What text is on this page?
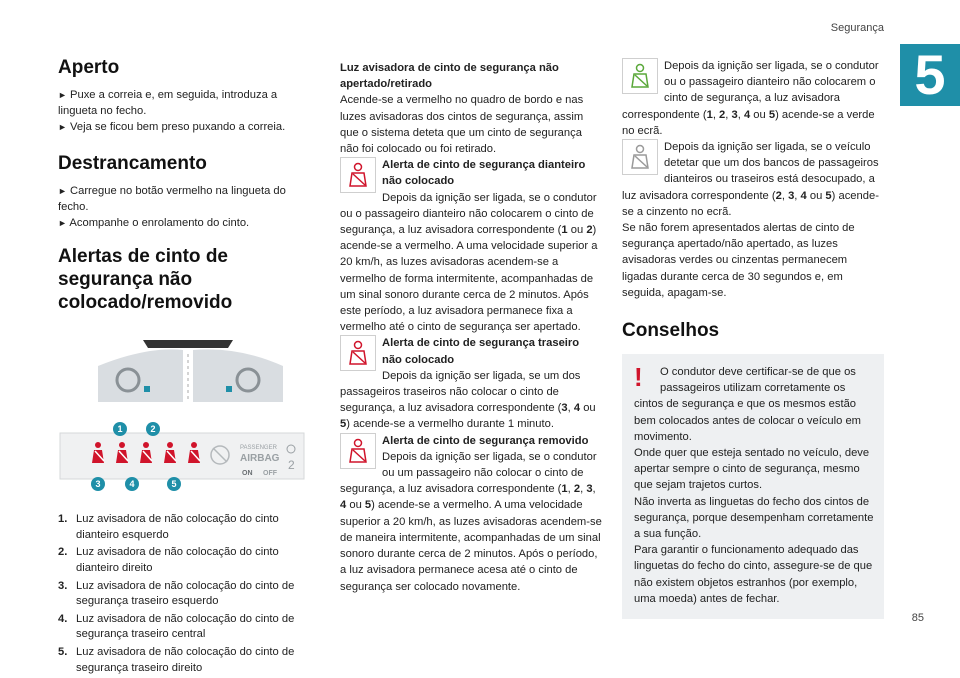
Segurança
5
85
Aperto

► Puxe a correia e, em seguida, introduza a lingueta no fecho.

► Veja se ficou bem preso puxando a correia.

Destrancamento

► Carregue no botão vermelho na lingueta do fecho.

► Acompanhe o enrolamento do cinto.

Alertas de cinto de segurança não colocado/removido

PASSENGER
AIRBAG
ON OFF
2
1	2
3	4	5
1. Luz avisadora de não colocação do cinto dianteiro esquerdo
2. Luz avisadora de não colocação do cinto dianteiro direito
3. Luz avisadora de não colocação do cinto de segurança traseiro esquerdo
4. Luz avisadora de não colocação do cinto de segurança traseiro central
5. Luz avisadora de não colocação do cinto de segurança traseiro direito

Luz avisadora de cinto de segurança não apertado/retirado

Acende-se a vermelho no quadro de bordo e nas luzes avisadoras dos cintos de segurança, assim que o sistema deteta que um cinto de segurança não foi colocado ou foi retirado.

Alerta de cinto de segurança dianteiro não colocado

Depois da ignição ser ligada, se o condutor ou o passageiro dianteiro não colocarem o cinto de segurança, a luz avisadora correspondente (1 ou 2) acende-se a vermelho. A uma velocidade superior a 20 km/h, as luzes avisadoras acendem-se a vermelho de forma intermitente, acompanhadas de um sinal sonoro durante cerca de 2 minutos. Após este período, a luz avisadora permanece fixa a vermelho até o cinto de segurança ser apertado.

Alerta de cinto de segurança traseiro não colocado

Depois da ignição ser ligada, se um dos passageiros traseiros não colocar o cinto de segurança, a luz avisadora correspondente (3, 4 ou 5) acende-se a vermelho durante 1 minuto.

Alerta de cinto de segurança removido

Depois da ignição ser ligada, se o condutor ou um passageiro não colocar o cinto de segurança, a luz avisadora correspondente (1, 2, 3, 4 ou 5) acende-se a vermelho. A uma velocidade superior a 20 km/h, as luzes avisadoras acendem-se de maneira intermitente, acompanhadas de um sinal sonoro durante cerca de 2 minutos. Após o período, a luz avisadora permanece acesa até o cinto de segurança ser colocado novamente.

Depois da ignição ser ligada, se o condutor ou o passageiro dianteiro não colocarem o cinto de segurança, a luz avisadora correspondente (1, 2, 3, 4 ou 5) acende-se a verde no ecrã.

Depois da ignição ser ligada, se o veículo detetar que um dos bancos de passageiros dianteiros ou traseiros está desocupado, a luz avisadora correspondente (2, 3, 4 ou 5) acende-se a cinzento no ecrã.

Se não forem apresentados alertas de cinto de segurança apertado/não apertado, as luzes avisadoras verdes ou cinzentas permanecem ligadas durante cerca de 30 segundos e, em seguida, apagam-se.

Conselhos
!	O condutor deve certificar-se de que os passageiros utilizam corretamente os cintos de segurança e que os mesmos estão bem colocados antes de colocar o veículo em movimento.

Onde quer que esteja sentado no veículo, deve apertar sempre o cinto de segurança, mesmo que sejam trajetos curtos.

Não inverta as linguetas do fecho dos cintos de segurança, porque desempenham corretamente a sua função.

Para garantir o funcionamento adequado das linguetas do fecho do cinto, assegure-se de que não existem objetos estranhos (por exemplo, uma moeda) antes de fechar.
